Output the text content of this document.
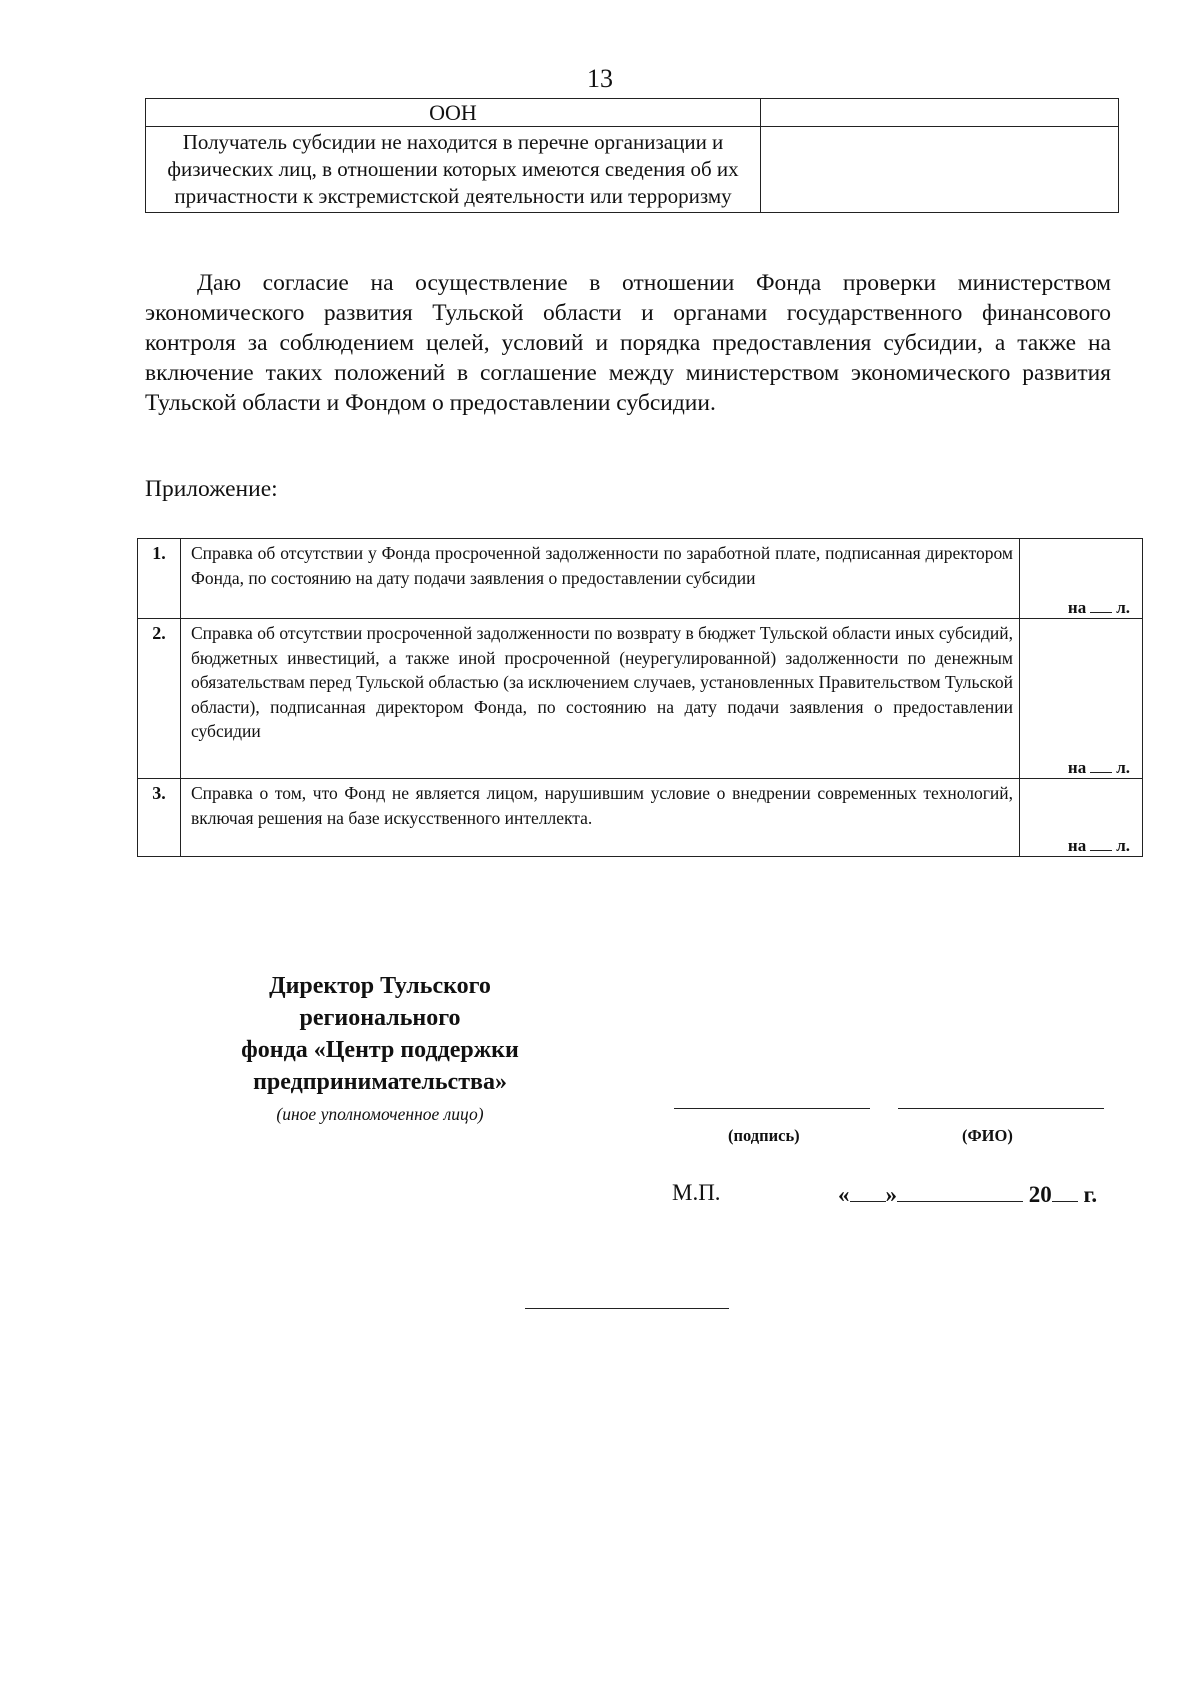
13
ООН	
Получатель субсидии не находится в перечне организации и физических лиц, в отношении которых имеются сведения об их причастности к экстремистской деятельности или терроризму	
Даю согласие на осуществление в отношении Фонда проверки министерством экономического развития Тульской области и органами государственного финансового контроля за соблюдением целей, условий и порядка предоставления субсидии, а также на включение таких положений в соглашение между министерством экономического развития Тульской области и Фондом о предоставлении субсидии.
Приложение:
1.	Справка об отсутствии у Фонда просроченной задолженности по заработной плате, подписанная директором Фонда, по состоянию на дату подачи заявления о предоставлении субсидии	на л.
2.	Справка об отсутствии просроченной задолженности по возврату в бюджет Тульской области иных субсидий, бюджетных инвестиций, а также иной просроченной (неурегулированной) задолженности по денежным обязательствам перед Тульской областью (за исключением случаев, установленных Правительством Тульской области), подписанная директором Фонда, по состоянию на дату подачи заявления о предоставлении субсидии	на л.
3.	Справка о том, что Фонд не является лицом, нарушившим условие о внедрении современных технологий, включая решения на базе искусственного интеллекта.	на л.
Директор Тульского
регионального
фонда «Центр поддержки
предпринимательства»
(иное уполномоченное лицо)
(подпись)	(ФИО)
М.П.	« »	20 г.
